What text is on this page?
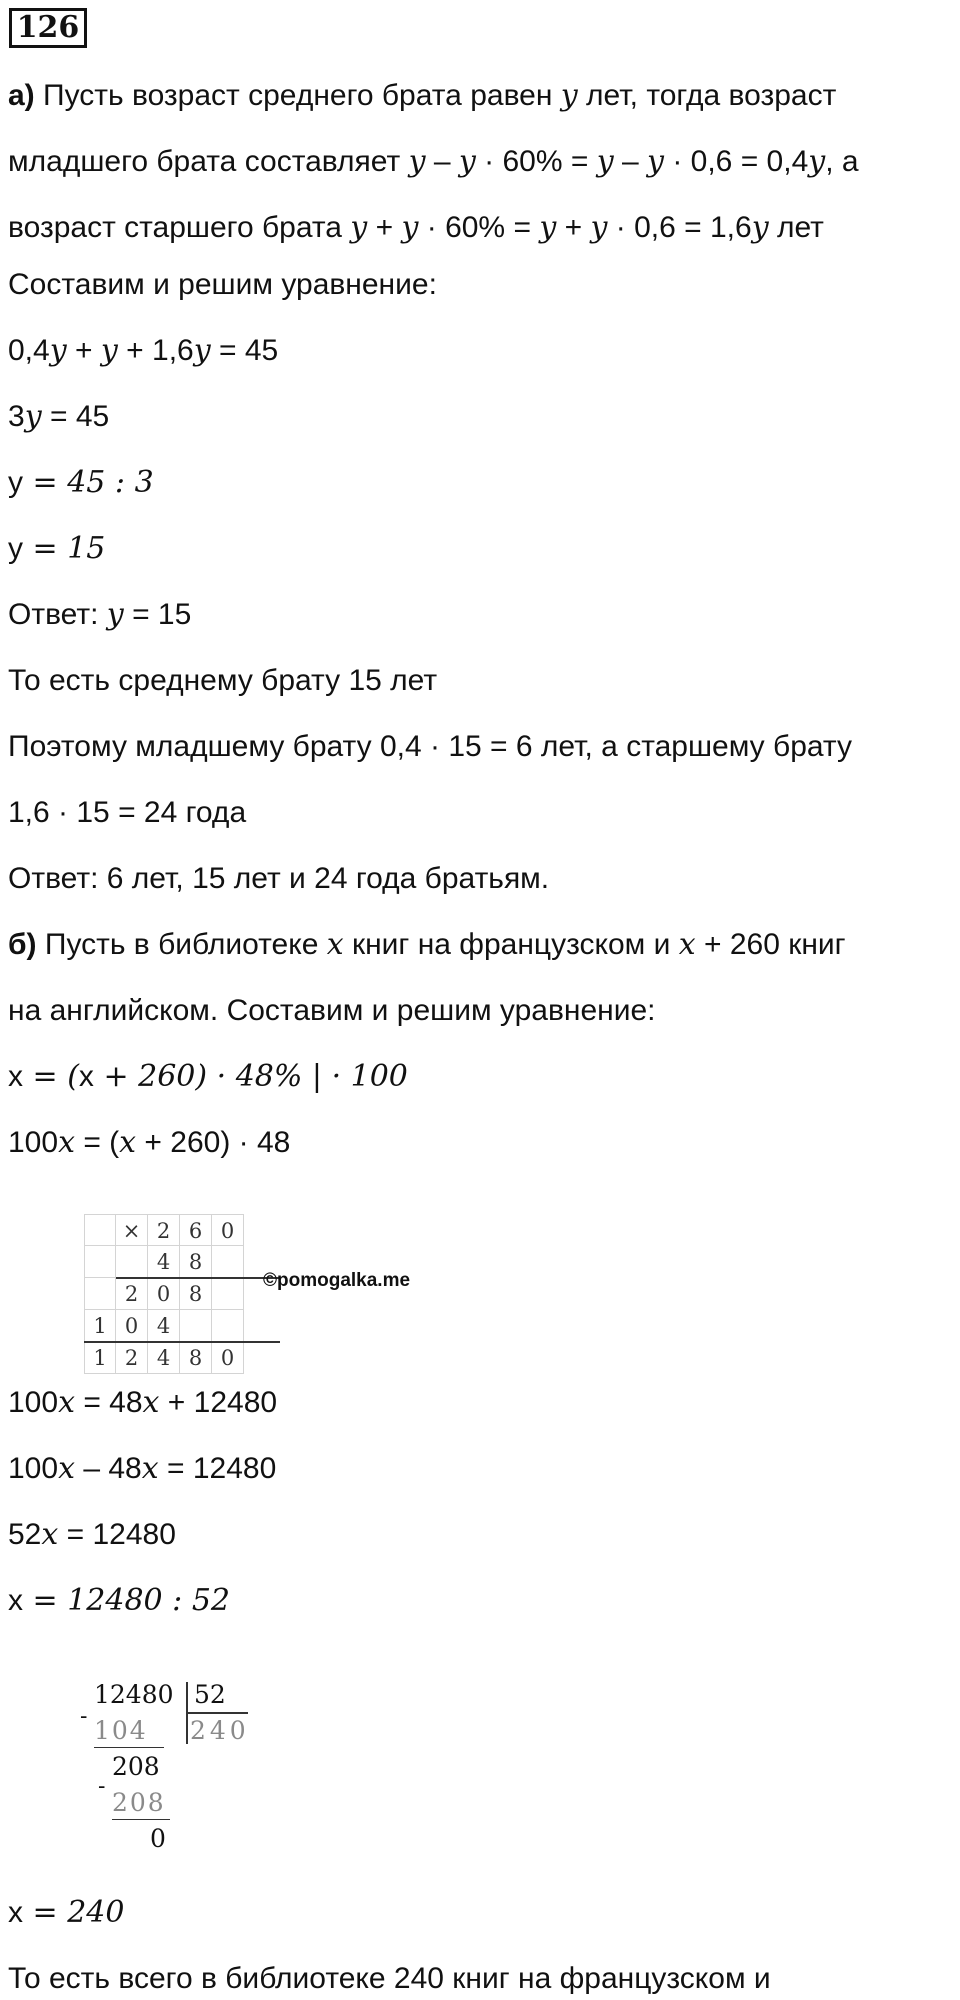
126
а) Пусть возраст среднего брата равен y лет, тогда возраст
младшего брата составляет y – y · 60% = y – y · 0,6 = 0,4y, а
возраст старшего брата y + y · 60% = y + y · 0,6 = 1,6y лет
Составим и решим уравнение:
0,4y + y + 1,6y = 45
3y = 45
y = 45 : 3
y = 15
Ответ: y = 15
То есть среднему брату 15 лет
Поэтому младшему брату 0,4 · 15 = 6 лет, а старшему брату
1,6 · 15 = 24 года
Ответ: 6 лет, 15 лет и 24 года братьям.
б) Пусть в библиотеке x книг на французском и x + 260 книг
на английском. Составим и решим уравнение:
x = (x + 260) · 48% | · 100
100x = (x + 260) · 48
× 2 6 0
4 8
2 0 8
1 0 4
1 2 4 8 0
©pomogalka.me
100x = 48x + 12480
100x – 48x = 12480
52x = 12480
x = 12480 : 52
12480 52
240
- 104
208
-
208
0
x = 240
То есть всего в библиотеке 240 книг на французском и
